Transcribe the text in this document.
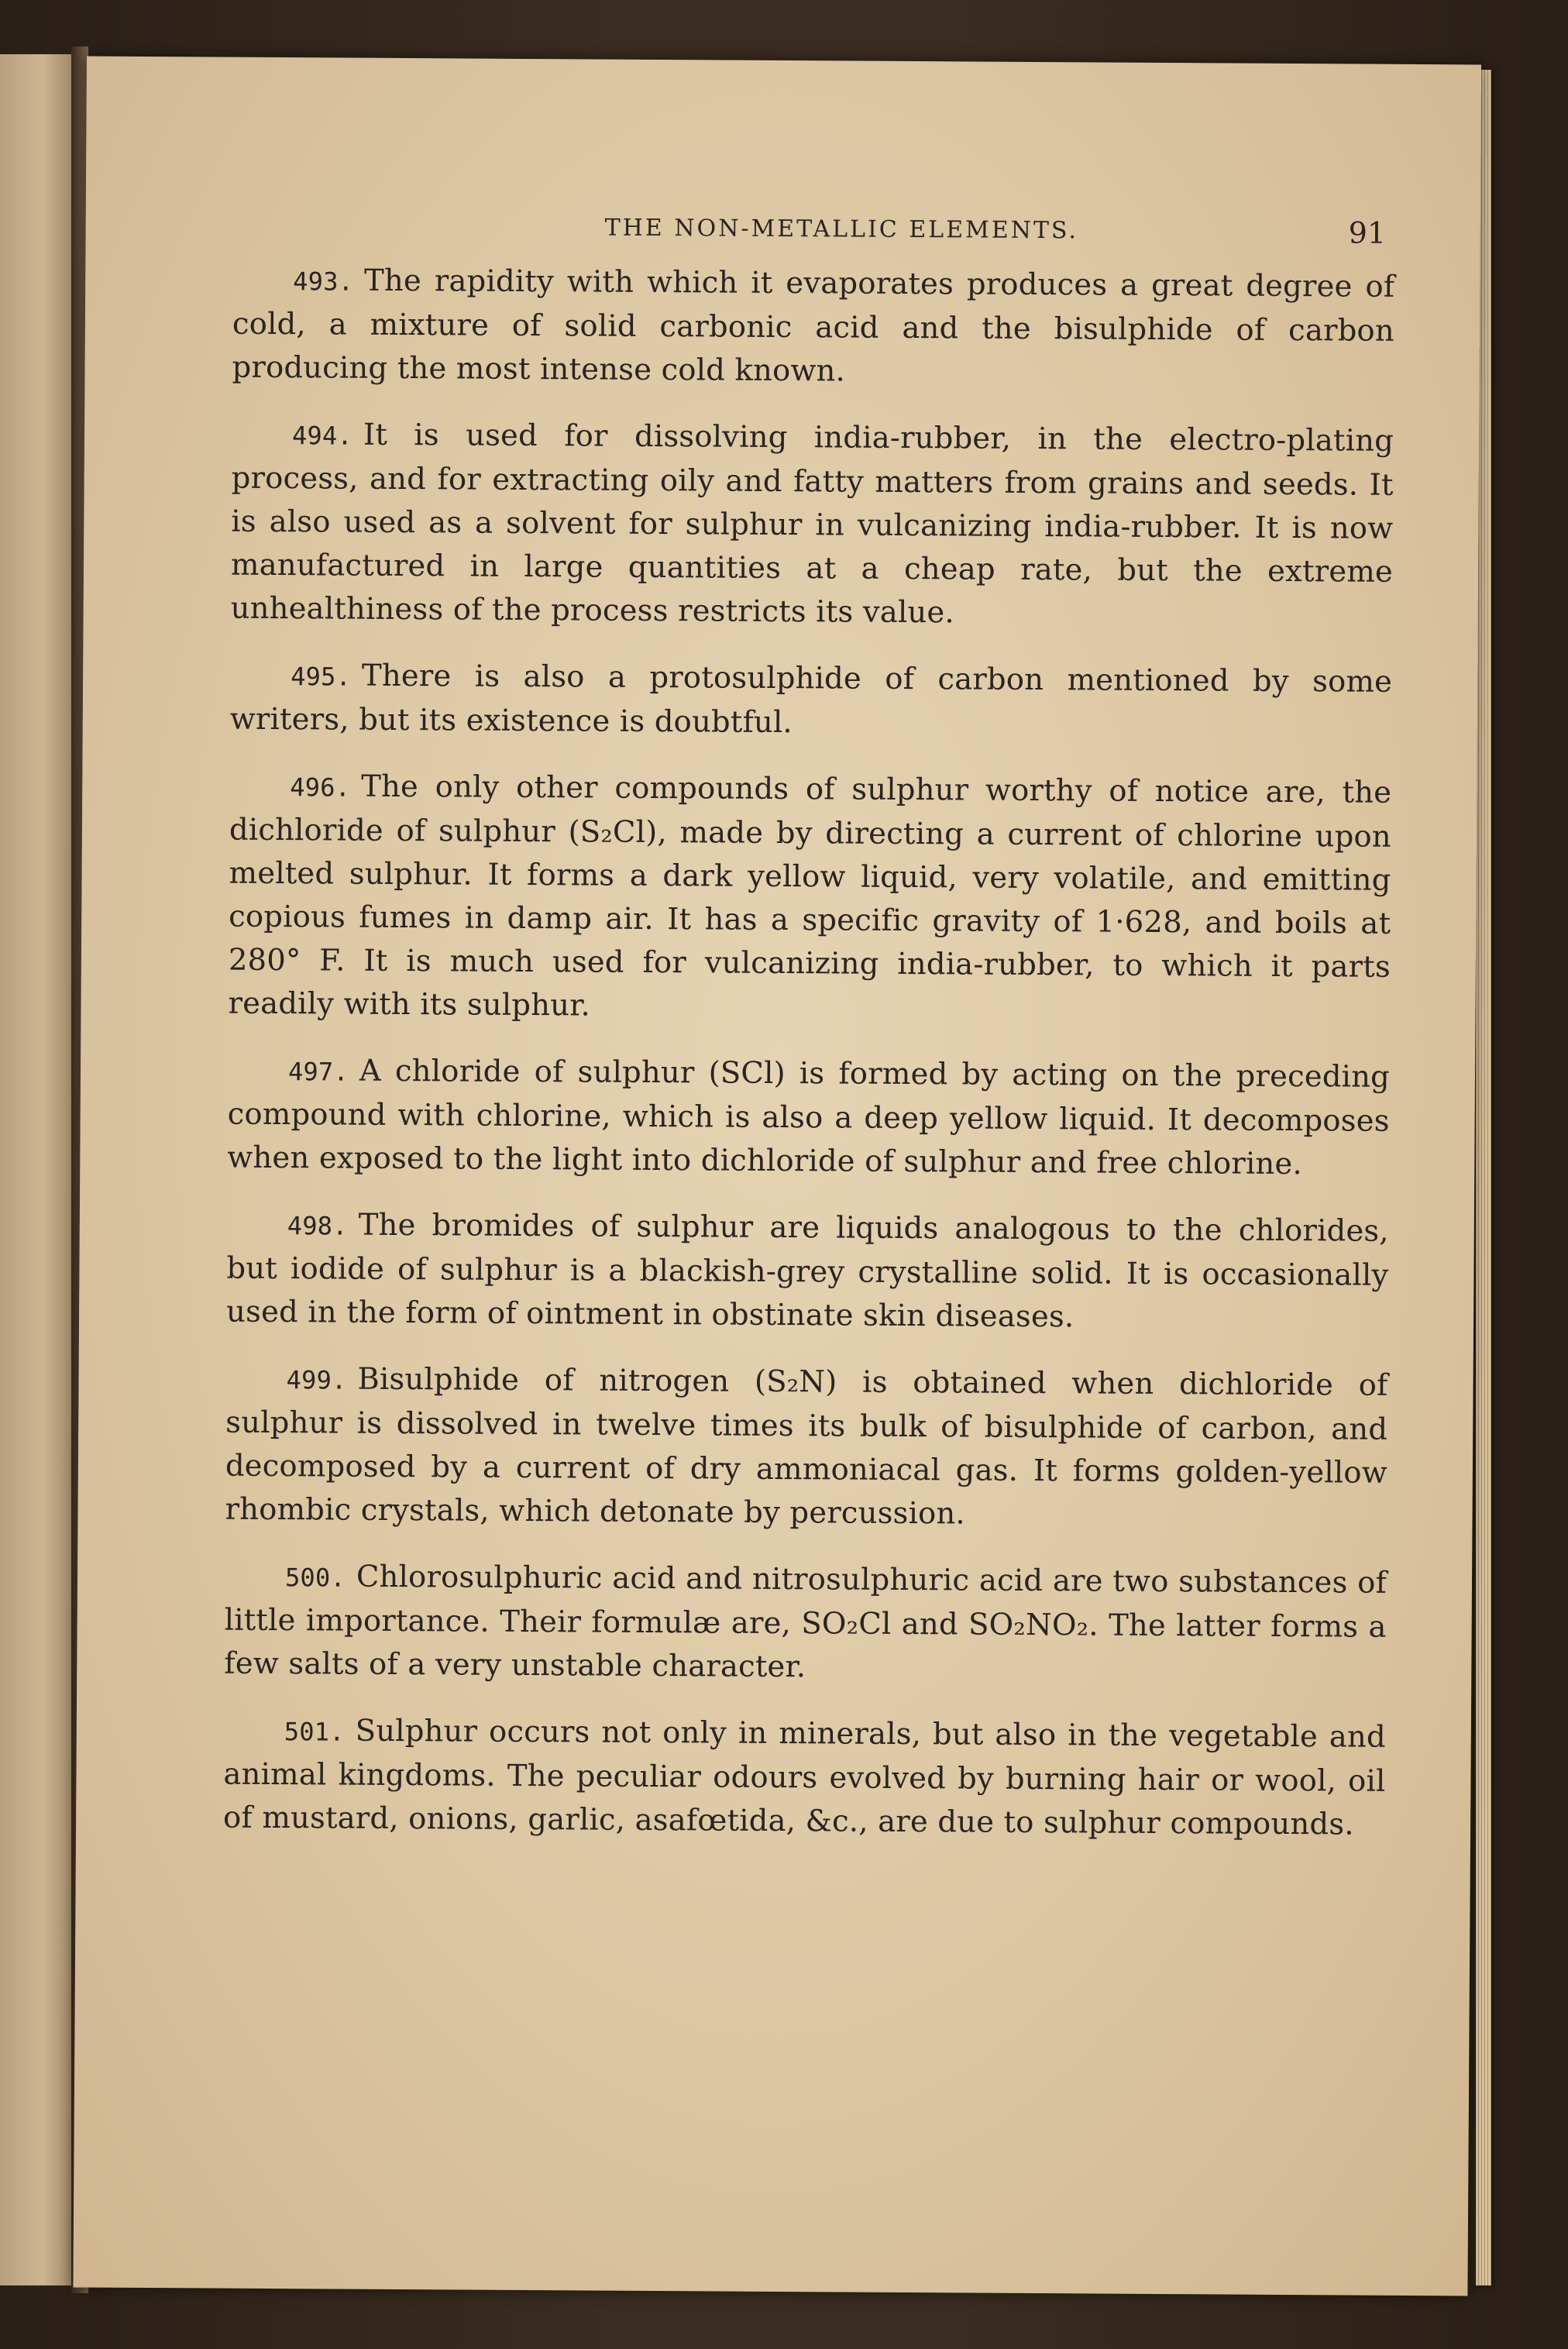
THE NON-METALLIC ELEMENTS.	91

493. The rapidity with which it evaporates produces a great degree of cold, a mixture of solid carbonic acid and the bisulphide of carbon producing the most intense cold known.

494. It is used for dissolving india-rubber, in the electro-plating process, and for extracting oily and fatty matters from grains and seeds. It is also used as a solvent for sulphur in vulcanizing india-rubber. It is now manufactured in large quantities at a cheap rate, but the extreme unhealthiness of the process restricts its value.

495. There is also a protosulphide of carbon mentioned by some writers, but its existence is doubtful.

496. The only other compounds of sulphur worthy of notice are, the dichloride of sulphur (S₂Cl), made by directing a current of chlorine upon melted sulphur. It forms a dark yellow liquid, very volatile, and emitting copious fumes in damp air. It has a specific gravity of 1·628, and boils at 280° F. It is much used for vulcanizing india-rubber, to which it parts readily with its sulphur.

497. A chloride of sulphur (SCl) is formed by acting on the preceding compound with chlorine, which is also a deep yellow liquid. It decomposes when exposed to the light into dichloride of sulphur and free chlorine.

498. The bromides of sulphur are liquids analogous to the chlorides, but iodide of sulphur is a blackish-grey crystalline solid. It is occasionally used in the form of ointment in obstinate skin diseases.

499. Bisulphide of nitrogen (S₂N) is obtained when dichloride of sulphur is dissolved in twelve times its bulk of bisulphide of carbon, and decomposed by a current of dry ammoniacal gas. It forms golden-yellow rhombic crystals, which detonate by percussion.

500. Chlorosulphuric acid and nitrosulphuric acid are two substances of little importance. Their formulæ are, SO₂Cl and SO₂NO₂. The latter forms a few salts of a very unstable character.

501. Sulphur occurs not only in minerals, but also in the vegetable and animal kingdoms. The peculiar odours evolved by burning hair or wool, oil of mustard, onions, garlic, asafœtida, &c., are due to sulphur compounds.
